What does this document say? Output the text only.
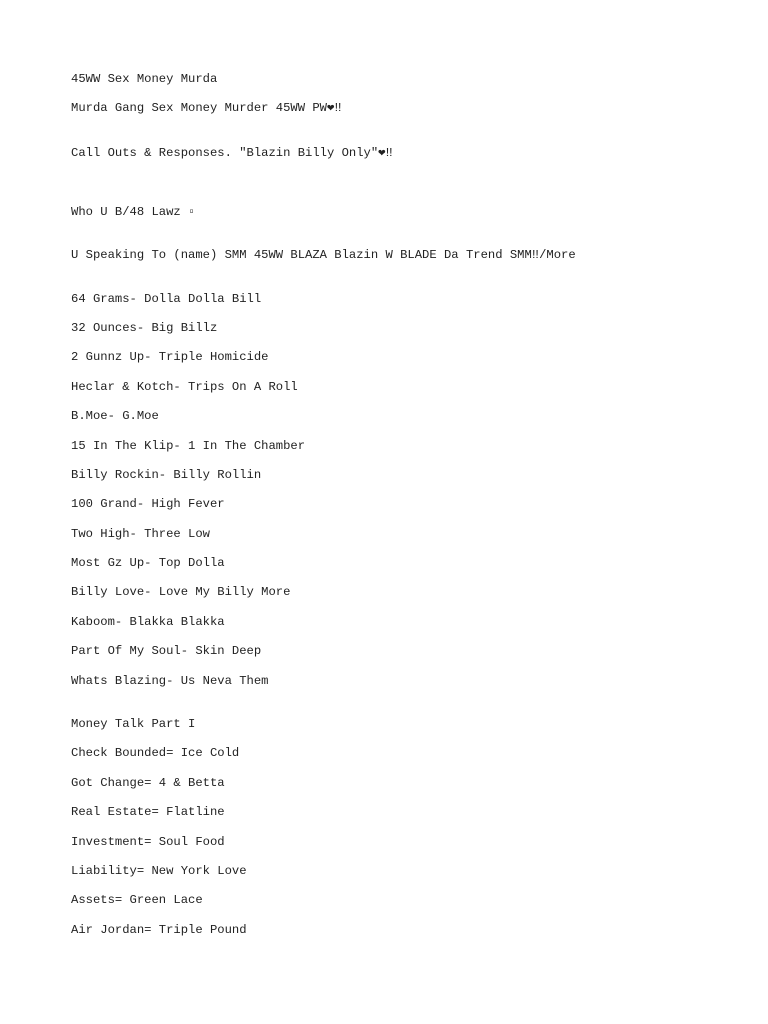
45WW Sex Money Murda

Murda Gang Sex Money Murder 45WW PW❤‼

Call Outs & Responses. "Blazin Billy Only"❤‼

Who U B/48 Lawz ▫

U Speaking To (name) SMM 45WW BLAZA Blazin W BLADE Da Trend SMM‼/More

64 Grams- Dolla Dolla Bill

32 Ounces- Big Billz

2 Gunnz Up- Triple Homicide

Heclar & Kotch- Trips On A Roll

B.Moe- G.Moe

15 In The Klip- 1 In The Chamber

Billy Rockin- Billy Rollin

100 Grand- High Fever

Two High- Three Low

Most Gz Up- Top Dolla

Billy Love- Love My Billy More

Kaboom- Blakka Blakka

Part Of My Soul- Skin Deep

Whats Blazing- Us Neva Them

Money Talk Part I

Check Bounded= Ice Cold

Got Change= 4 & Betta

Real Estate= Flatline

Investment= Soul Food

Liability= New York Love

Assets= Green Lace

Air Jordan= Triple Pound
